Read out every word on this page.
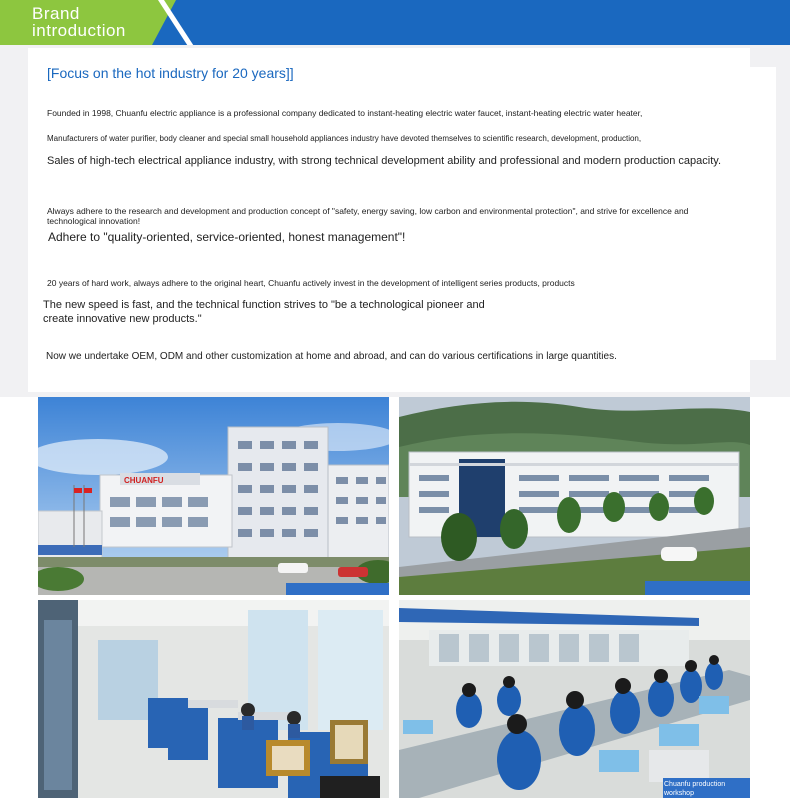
Brand
introduction
[Focus on the hot industry for 20 years]]
Founded in 1998, Chuanfu electric appliance is a professional company dedicated to instant-heating electric water faucet, instant-heating electric water heater,
Manufacturers of water purifier, body cleaner and special small household appliances industry have devoted themselves to scientific research, development, production,
Sales of high-tech electrical appliance industry, with strong technical development ability and professional and modern production capacity.
Always adhere to the research and development and production concept of "safety, energy saving, low carbon and environmental protection", and strive for excellence and
technological innovation!
Adhere to "quality-oriented, service-oriented, honest management"!
20 years of hard work, always adhere to the original heart, Chuanfu actively invest in the development of intelligent series products, products
The new speed is fast, and the technical function strives to "be a technological pioneer and
create innovative new products."
Now we undertake OEM, ODM and other customization at home and abroad, and can do various certifications in large quantities.
CHUANFU
Chuanfu production
workshop
